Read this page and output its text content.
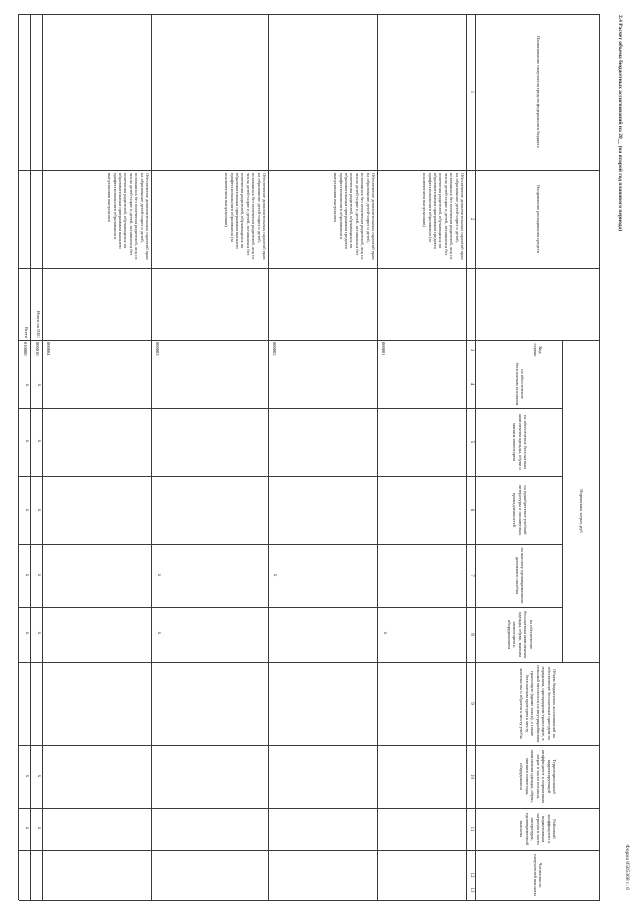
2.4 Расчет объема бюджетных ассигнований на 20__ (на второй год планового периода)
Форма 0505368 с. 6
Наименование получателя средств федерального бюджета
Направление расходования средств
Код строки
Нормативы затрат, руб
на обеспечение бесплатным питанием
на обеспечение бесплатным комплектом одежды, обуви и мягким инвентарем
на приобретение учебной литературы и письменных принадлежностей
на выплату единовременного денежного пособия
на обеспечение бесплатным комплектом одежды, обуви, мягким инвентарем и оборудованием
Объем бюджетных ассигнований на обеспечение бесплатным проездом на городском, пригородном транспорте, в сельской местности на внутрирайонном транспорте (кроме такси), а также бесплатным проездом к месту жительства и обратно к месту учебы
Территориальный корректирующий коэффициент к нормативам затрат в части питания, комплектов одежды, обуви, мягкого инвентаря, оборудования
Районный коэффициент к нормативным затратам в части литературы, единовременной выплаты
Численность получателей выплаты
1
2
3
4
5
6
7
8
9
10
11
12
13
Обеспечение дополнительных гарантий прав на образование детей-сирот и детей, оставшихся без попечения родителей, лиц из числа детей-сирот и детей, оставшихся без попечения родителей, обучающихся по образовательным программам среднего профессионального образования (за исключением выпускников)
000001
Обеспечение дополнительных гарантий прав на образование детей-сирот и детей, оставшихся без попечения родителей, лиц из числа детей-сирот и детей, оставшихся без попечения родителей, обучающихся по образовательным программам среднего профессионального образования и выпускников выпускного
000002
Обеспечение дополнительных гарантий прав на образование детей-сирот и детей, оставшихся без попечения родителей, лиц из числа детей-сирот и детей, оставшихся без попечения родителей, обучающихся по образовательным программам высшего профессионального образования (за исключением выпускников)
000003
Обеспечение дополнительных гарантий прав на образование детей-сирот и детей, оставшихся без попечения родителей, лиц из числа детей-сирот и детей, оставшихся без попечения родителей, обучающихся по образовательным программам высшего профессионального образования и выпускников выпускного
000004
Итого по ПБС
000010
Всего
010000
х
х
х
х
х
х
х
х
х
х
х
х
х
х
х
х
х
х
